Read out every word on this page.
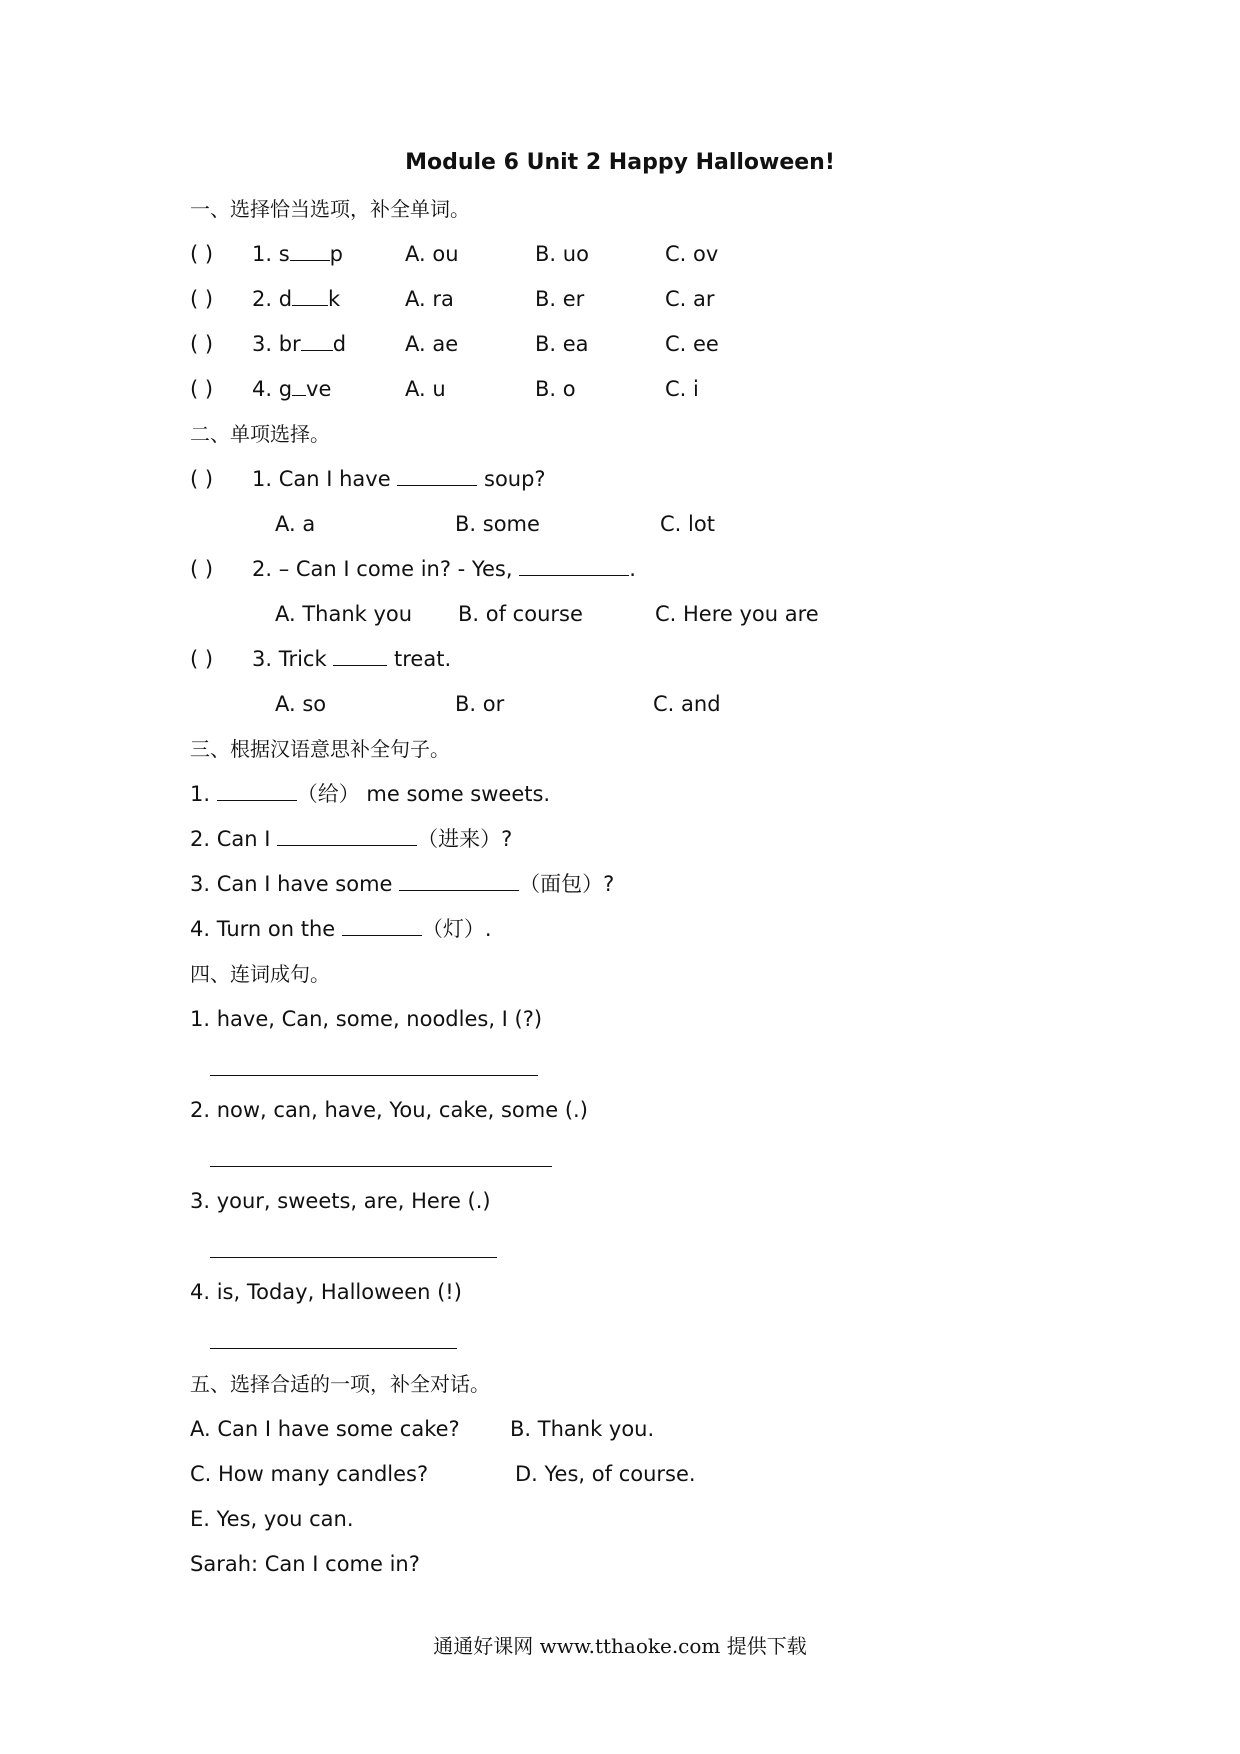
Module 6 Unit 2 Happy Halloween!
一、选择恰当选项，补全单词。
( ) 1. s p	A. ou	B. uo	C. ov
( ) 2. d k	A. ra	B. er	C. ar
( ) 3. br d	A. ae	B. ea	C. ee
( ) 4. g ve	A. u	B. o	C. i
二、单项选择。
( ) 1. Can I have	soup?
A. a	B. some	C. lot
( ) 2. – Can I come in? - Yes,	.
A. Thank you B. of course	C. Here you are
( ) 3. Trick	treat.
A. so	B. or	C. and
三、根据汉语意思补全句子。
1.	（给） me some sweets.
2. Can I	（进来）?
3. Can I have some	（面包）?
4. Turn on the	（灯）.
四、连词成句。
1. have, Can, some, noodles, I (?)
2. now, can, have, You, cake, some (.)
3. your, sweets, are, Here (.)
4. is, Today, Halloween (!)
五、选择合适的一项，补全对话。
A. Can I have some cake? B. Thank you.
C. How many candles?	D. Yes, of course.
E. Yes, you can.
Sarah: Can I come in?
通通好课网 www.tthaoke.com 提供下载
